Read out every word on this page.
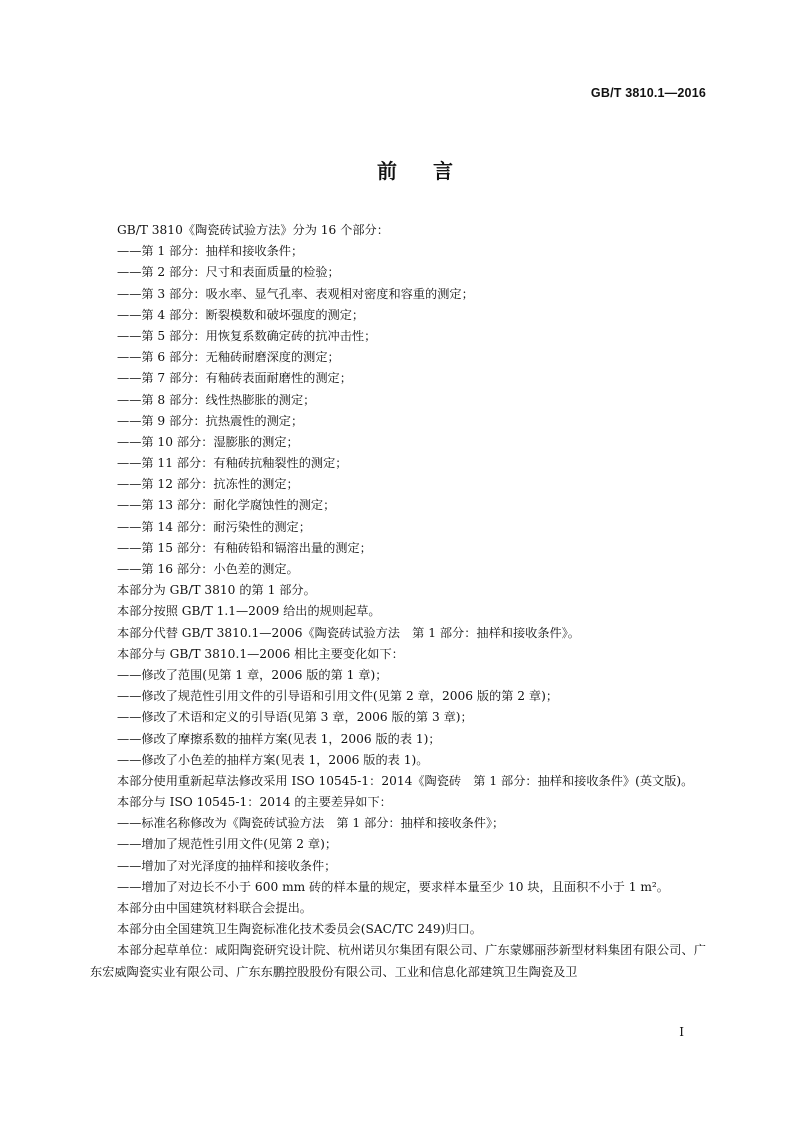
GB/T 3810.1—2016
前言
GB/T 3810《陶瓷砖试验方法》分为 16 个部分：
——第 1 部分：抽样和接收条件；
——第 2 部分：尺寸和表面质量的检验；
——第 3 部分：吸水率、显气孔率、表观相对密度和容重的测定；
——第 4 部分：断裂模数和破坏强度的测定；
——第 5 部分：用恢复系数确定砖的抗冲击性；
——第 6 部分：无釉砖耐磨深度的测定；
——第 7 部分：有釉砖表面耐磨性的测定；
——第 8 部分：线性热膨胀的测定；
——第 9 部分：抗热震性的测定；
——第 10 部分：湿膨胀的测定；
——第 11 部分：有釉砖抗釉裂性的测定；
——第 12 部分：抗冻性的测定；
——第 13 部分：耐化学腐蚀性的测定；
——第 14 部分：耐污染性的测定；
——第 15 部分：有釉砖铅和镉溶出量的测定；
——第 16 部分：小色差的测定。
本部分为 GB/T 3810 的第 1 部分。
本部分按照 GB/T 1.1—2009 给出的规则起草。
本部分代替 GB/T 3810.1—2006《陶瓷砖试验方法　第 1 部分：抽样和接收条件》。
本部分与 GB/T 3810.1—2006 相比主要变化如下：
——修改了范围(见第 1 章，2006 版的第 1 章)；
——修改了规范性引用文件的引导语和引用文件(见第 2 章，2006 版的第 2 章)；
——修改了术语和定义的引导语(见第 3 章，2006 版的第 3 章)；
——修改了摩擦系数的抽样方案(见表 1，2006 版的表 1)；
——修改了小色差的抽样方案(见表 1，2006 版的表 1)。
本部分使用重新起草法修改采用 ISO 10545-1：2014《陶瓷砖　第 1 部分：抽样和接收条件》(英文版)。
本部分与 ISO 10545-1：2014 的主要差异如下：
——标准名称修改为《陶瓷砖试验方法　第 1 部分：抽样和接收条件》；
——增加了规范性引用文件(见第 2 章)；
——增加了对光泽度的抽样和接收条件；
——增加了对边长不小于 600 mm 砖的样本量的规定，要求样本量至少 10 块，且面积不小于 1 m²。
本部分由中国建筑材料联合会提出。
本部分由全国建筑卫生陶瓷标准化技术委员会(SAC/TC 249)归口。
本部分起草单位：咸阳陶瓷研究设计院、杭州诺贝尔集团有限公司、广东蒙娜丽莎新型材料集团有限公司、广东宏威陶瓷实业有限公司、广东东鹏控股股份有限公司、工业和信息化部建筑卫生陶瓷及卫
I
